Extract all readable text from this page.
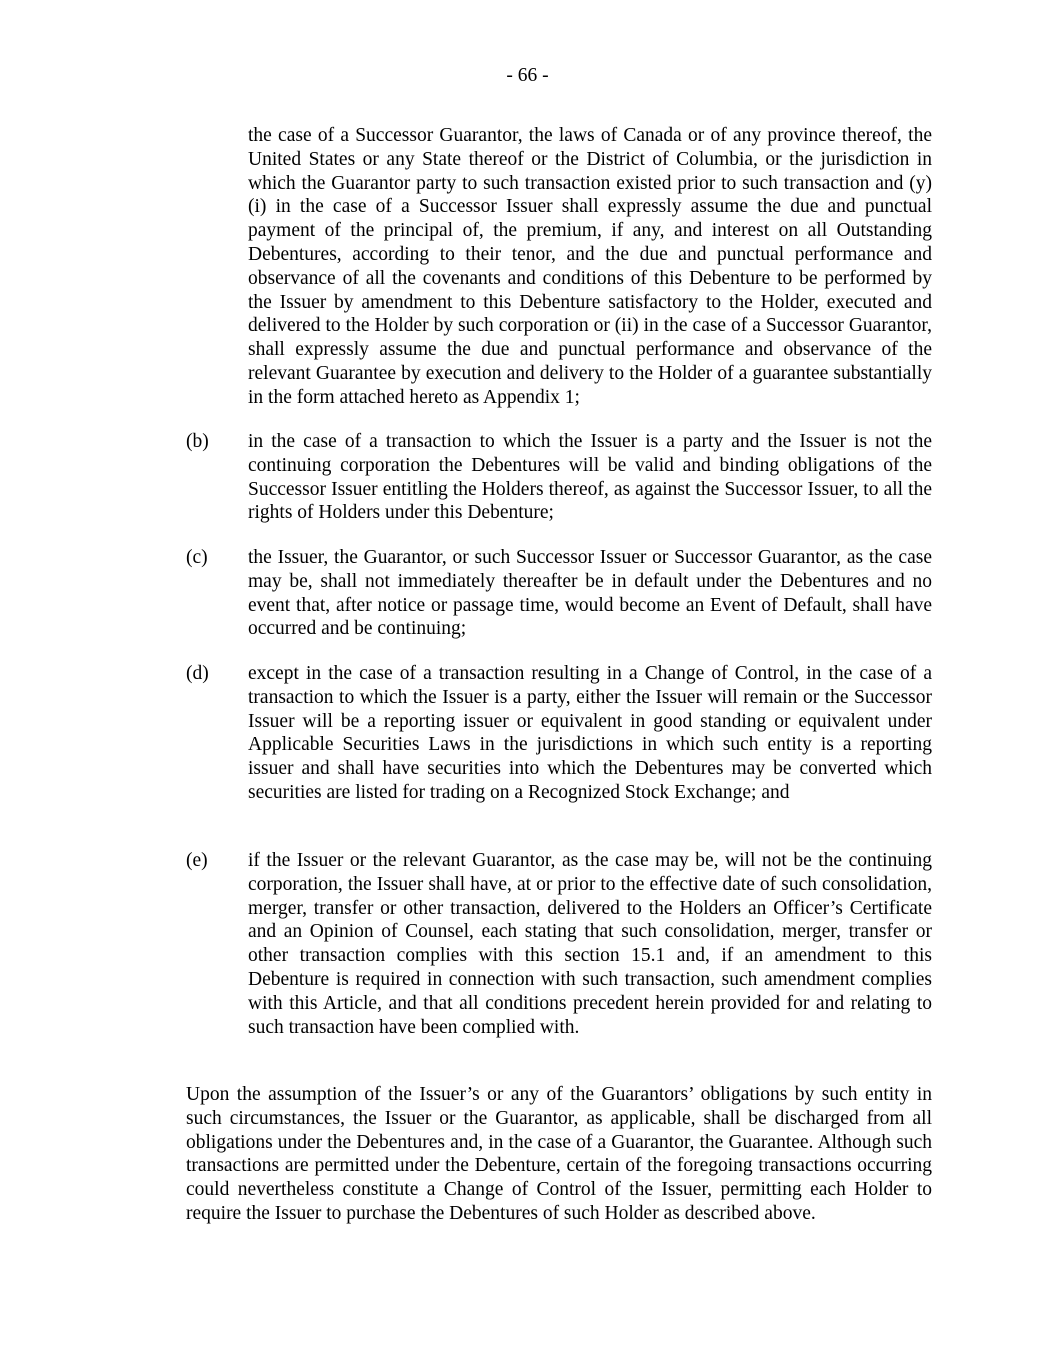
- 66 -
the case of a Successor Guarantor, the laws of Canada or of any province thereof, the United States or any State thereof or the District of Columbia, or the jurisdiction in which the Guarantor party to such transaction existed prior to such transaction and (y) (i) in the case of a Successor Issuer shall expressly assume the due and punctual payment of the principal of, the premium, if any, and interest on all Outstanding Debentures, according to their tenor, and the due and punctual performance and observance of all the covenants and conditions of this Debenture to be performed by the Issuer by amendment to this Debenture satisfactory to the Holder, executed and delivered to the Holder by such corporation or (ii) in the case of a Successor Guarantor, shall expressly assume the due and punctual performance and observance of the relevant Guarantee by execution and delivery to the Holder of a guarantee substantially in the form attached hereto as Appendix 1;
(b)	in the case of a transaction to which the Issuer is a party and the Issuer is not the continuing corporation the Debentures will be valid and binding obligations of the Successor Issuer entitling the Holders thereof, as against the Successor Issuer, to all the rights of Holders under this Debenture;
(c)	the Issuer, the Guarantor, or such Successor Issuer or Successor Guarantor, as the case may be, shall not immediately thereafter be in default under the Debentures and no event that, after notice or passage time, would become an Event of Default, shall have occurred and be continuing;
(d)	except in the case of a transaction resulting in a Change of Control, in the case of a transaction to which the Issuer is a party, either the Issuer will remain or the Successor Issuer will be a reporting issuer or equivalent in good standing or equivalent under Applicable Securities Laws in the jurisdictions in which such entity is a reporting issuer and shall have securities into which the Debentures may be converted which securities are listed for trading on a Recognized Stock Exchange; and
(e)	if the Issuer or the relevant Guarantor, as the case may be, will not be the continuing corporation, the Issuer shall have, at or prior to the effective date of such consolidation, merger, transfer or other transaction, delivered to the Holders an Officer’s Certificate and an Opinion of Counsel, each stating that such consolidation, merger, transfer or other transaction complies with this section 15.1 and, if an amendment to this Debenture is required in connection with such transaction, such amendment complies with this Article, and that all conditions precedent herein provided for and relating to such transaction have been complied with.
Upon the assumption of the Issuer’s or any of the Guarantors’ obligations by such entity in such circumstances, the Issuer or the Guarantor, as applicable, shall be discharged from all obligations under the Debentures and, in the case of a Guarantor, the Guarantee. Although such transactions are permitted under the Debenture, certain of the foregoing transactions occurring could nevertheless constitute a Change of Control of the Issuer, permitting each Holder to require the Issuer to purchase the Debentures of such Holder as described above.
